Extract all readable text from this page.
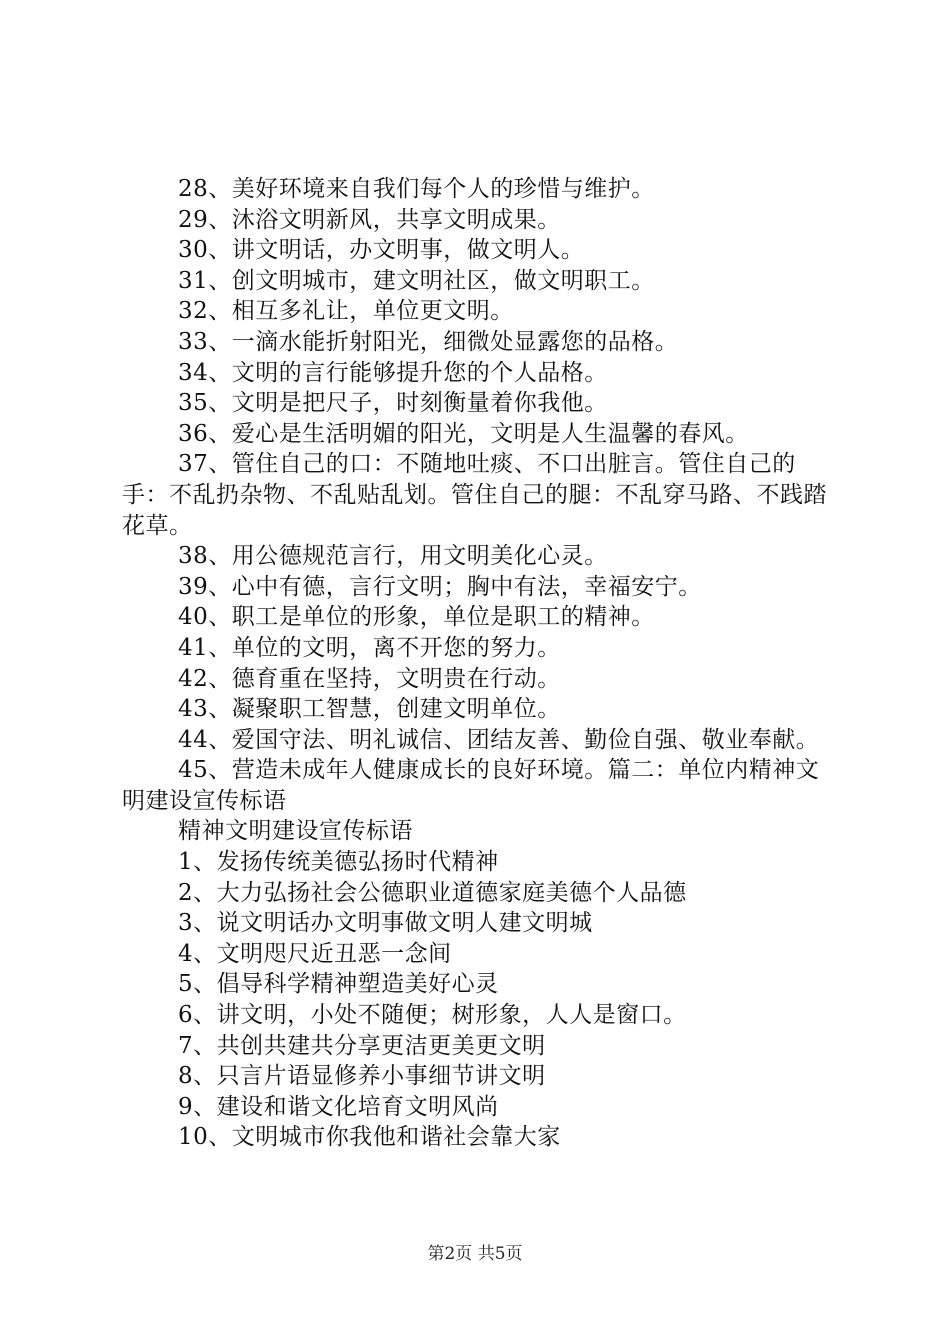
28、美好环境来自我们每个人的珍惜与维护。

29、沐浴文明新风，共享文明成果。

30、讲文明话，办文明事，做文明人。

31、创文明城市，建文明社区，做文明职工。

32、相互多礼让，单位更文明。

33、一滴水能折射阳光，细微处显露您的品格。

34、文明的言行能够提升您的个人品格。

35、文明是把尺子，时刻衡量着你我他。

36、爱心是生活明媚的阳光，文明是人生温馨的春风。

37、管住自己的口：不随地吐痰、不口出脏言。管住自己的手：不乱扔杂物、不乱贴乱划。管住自己的腿：不乱穿马路、不践踏花草。

38、用公德规范言行，用文明美化心灵。

39、心中有德，言行文明；胸中有法，幸福安宁。

40、职工是单位的形象，单位是职工的精神。

41、单位的文明，离不开您的努力。

42、德育重在坚持，文明贵在行动。

43、凝聚职工智慧，创建文明单位。

44、爱国守法、明礼诚信、团结友善、勤俭自强、敬业奉献。

45、营造未成年人健康成长的良好环境。篇二：单位内精神文明建设宣传标语

精神文明建设宣传标语

1、发扬传统美德弘扬时代精神

2、大力弘扬社会公德职业道德家庭美德个人品德

3、说文明话办文明事做文明人建文明城

4、文明咫尺近丑恶一念间

5、倡导科学精神塑造美好心灵

6、讲文明，小处不随便；树形象，人人是窗口。

7、共创共建共分享更洁更美更文明

8、只言片语显修养小事细节讲文明

9、建设和谐文化培育文明风尚

10、文明城市你我他和谐社会靠大家

第2页 共5页
